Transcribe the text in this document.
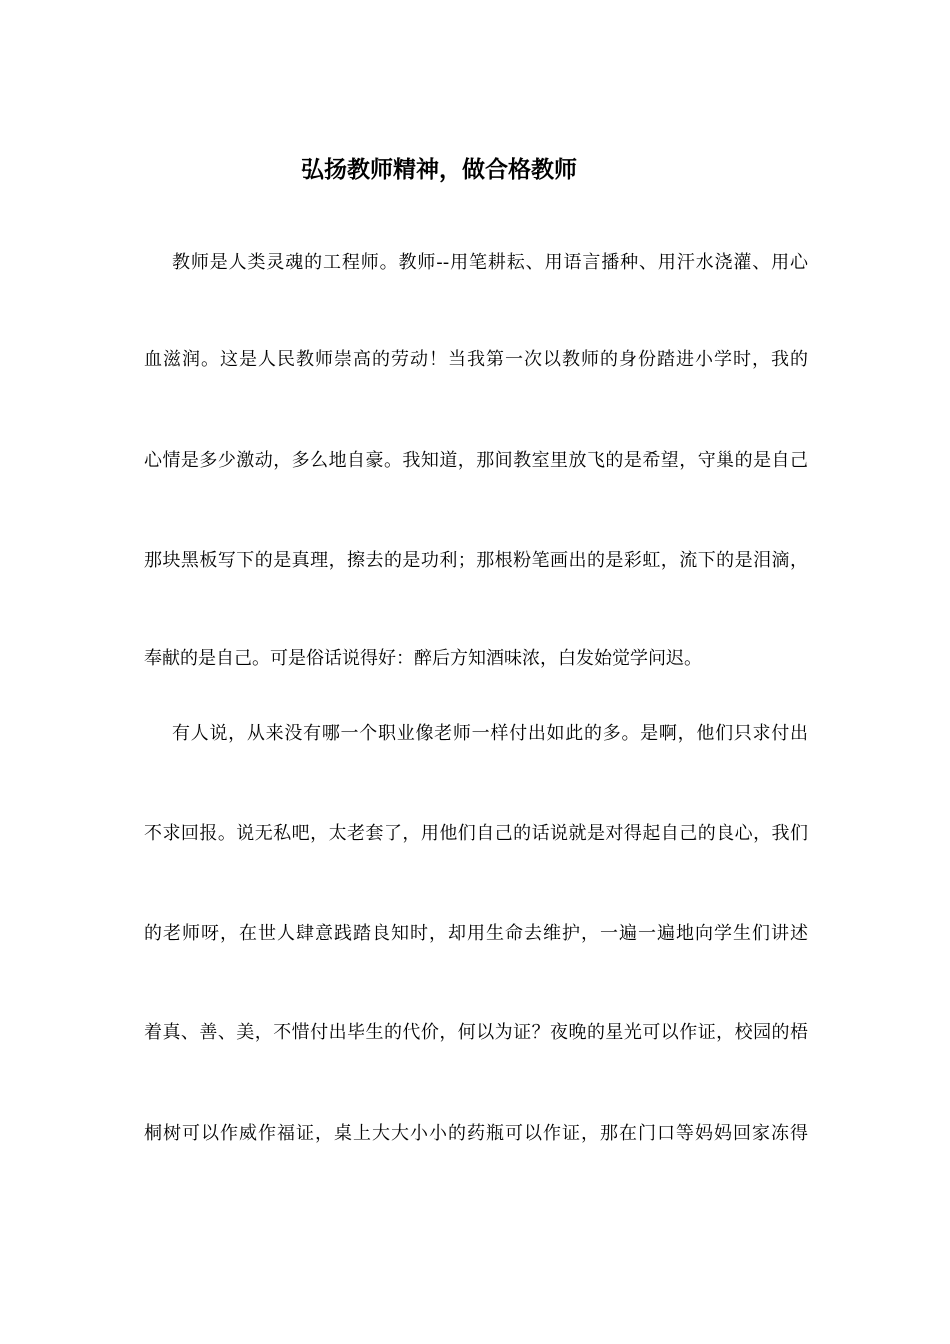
弘扬教师精神，做合格教师
教师是人类灵魂的工程师。教师--用笔耕耘、用语言播种、用汗水浇灌、用心
血滋润。这是人民教师崇高的劳动！当我第一次以教师的身份踏进小学时，我的
心情是多少激动，多么地自豪。我知道，那间教室里放飞的是希望，守巢的是自己
那块黑板写下的是真理，擦去的是功利；那根粉笔画出的是彩虹，流下的是泪滴，
奉献的是自己。可是俗话说得好：醉后方知酒味浓，白发始觉学问迟。
有人说，从来没有哪一个职业像老师一样付出如此的多。是啊，他们只求付出
不求回报。说无私吧，太老套了，用他们自己的话说就是对得起自己的良心，我们
的老师呀，在世人肆意践踏良知时，却用生命去维护，一遍一遍地向学生们讲述
着真、善、美，不惜付出毕生的代价，何以为证？夜晚的星光可以作证，校园的梧
桐树可以作威作福证，桌上大大小小的药瓶可以作证，那在门口等妈妈回家冻得
